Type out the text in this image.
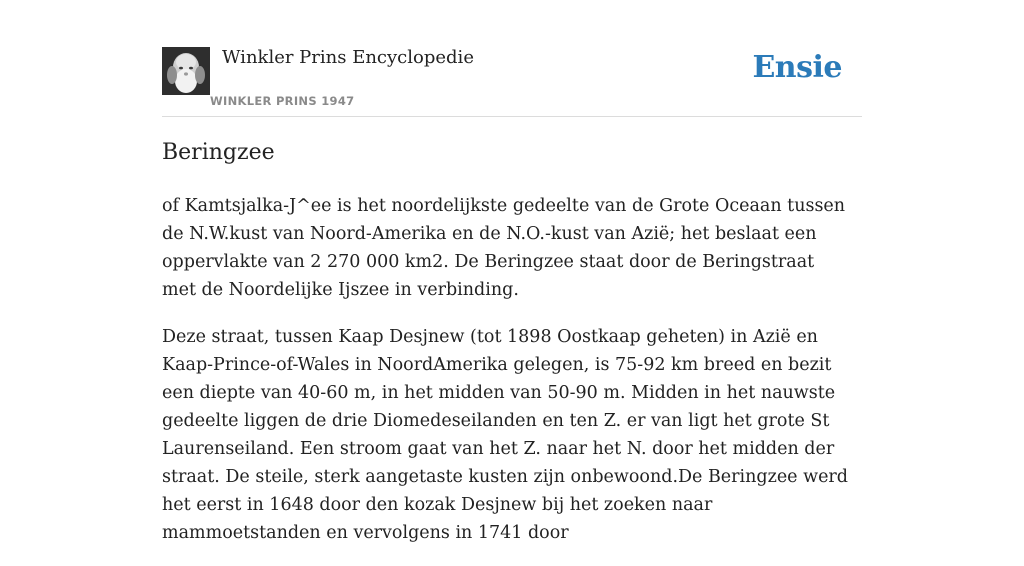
Winkler Prins Encyclopedie
WINKLER PRINS 1947
Ensie
Beringzee

of Kamtsjalka-J^ee is het noordelijkste gedeelte van de Grote Oceaan tussen de N.W.kust van Noord-Amerika en de N.O.-kust van Azië; het beslaat een oppervlakte van 2 270 000 km2. De Beringzee staat door de Beringstraat met de Noordelijke Ijszee in verbinding.

Deze straat, tussen Kaap Desjnew (tot 1898 Oostkaap geheten) in Azië en Kaap-Prince-of-Wales in NoordAmerika gelegen, is 75-92 km breed en bezit een diepte van 40-60 m, in het midden van 50-90 m. Midden in het nauwste gedeelte liggen de drie Diomedeseilanden en ten Z. er van ligt het grote St Laurenseiland. Een stroom gaat van het Z. naar het N. door het midden der straat. De steile, sterk aangetaste kusten zijn onbewoond.De Beringzee werd het eerst in 1648 door den kozak Desjnew bij het zoeken naar mammoetstanden en vervolgens in 1741 door
